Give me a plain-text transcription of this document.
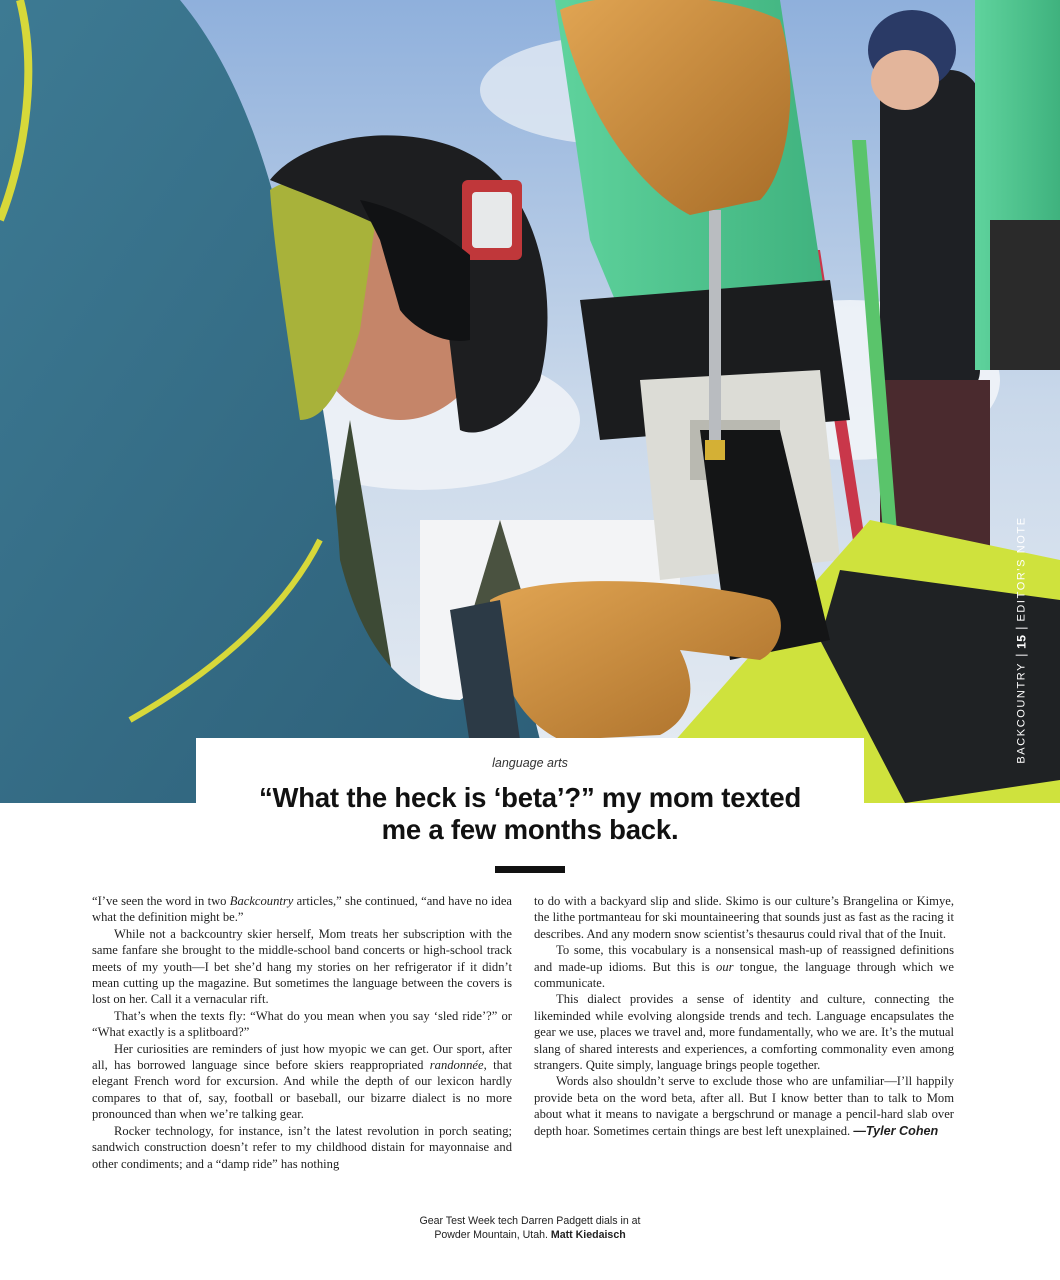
BACKCOUNTRY
15
EDITOR'S NOTE
language arts
“What the heck is ‘beta’?” my mom texted me a few months back.

“I’ve seen the word in two Backcountry articles,” she continued, “and have no idea what the definition might be.”

While not a backcountry skier herself, Mom treats her subscription with the same fanfare she brought to the middle-school band concerts or high-school track meets of my youth—I bet she’d hang my stories on her refrigerator if it didn’t mean cutting up the magazine. But sometimes the language between the covers is lost on her. Call it a vernacular rift.

That’s when the texts fly: “What do you mean when you say ‘sled ride’?” or “What exactly is a splitboard?”

Her curiosities are reminders of just how myopic we can get. Our sport, after all, has borrowed language since before skiers reappropriated randonnée, that elegant French word for excursion. And while the depth of our lexicon hardly compares to that of, say, football or baseball, our bizarre dialect is no more pronounced than when we’re talking gear.

Rocker technology, for instance, isn’t the latest revolution in porch seating; sandwich construction doesn’t refer to my childhood distain for mayonnaise and other condiments; and a “damp ride” has nothing

to do with a backyard slip and slide. Skimo is our culture’s Brangelina or Kimye, the lithe portmanteau for ski mountaineering that sounds just as fast as the racing it describes. And any modern snow scientist’s thesaurus could rival that of the Inuit.

To some, this vocabulary is a nonsensical mash-up of reassigned definitions and made-up idioms. But this is our tongue, the language through which we communicate.

This dialect provides a sense of identity and culture, connecting the likeminded while evolving alongside trends and tech. Language encapsulates the gear we use, places we travel and, more fundamentally, who we are. It’s the mutual slang of shared interests and experiences, a comforting commonality even among strangers. Quite simply, language brings people together.

Words also shouldn’t serve to exclude those who are unfamiliar—I’ll happily provide beta on the word beta, after all. But I know better than to talk to Mom about what it means to navigate a bergschrund or manage a pencil-hard slab over depth hoar. Sometimes certain things are best left unexplained. —Tyler Cohen

Gear Test Week tech Darren Padgett dials in at
Powder Mountain, Utah. Matt Kiedaisch
